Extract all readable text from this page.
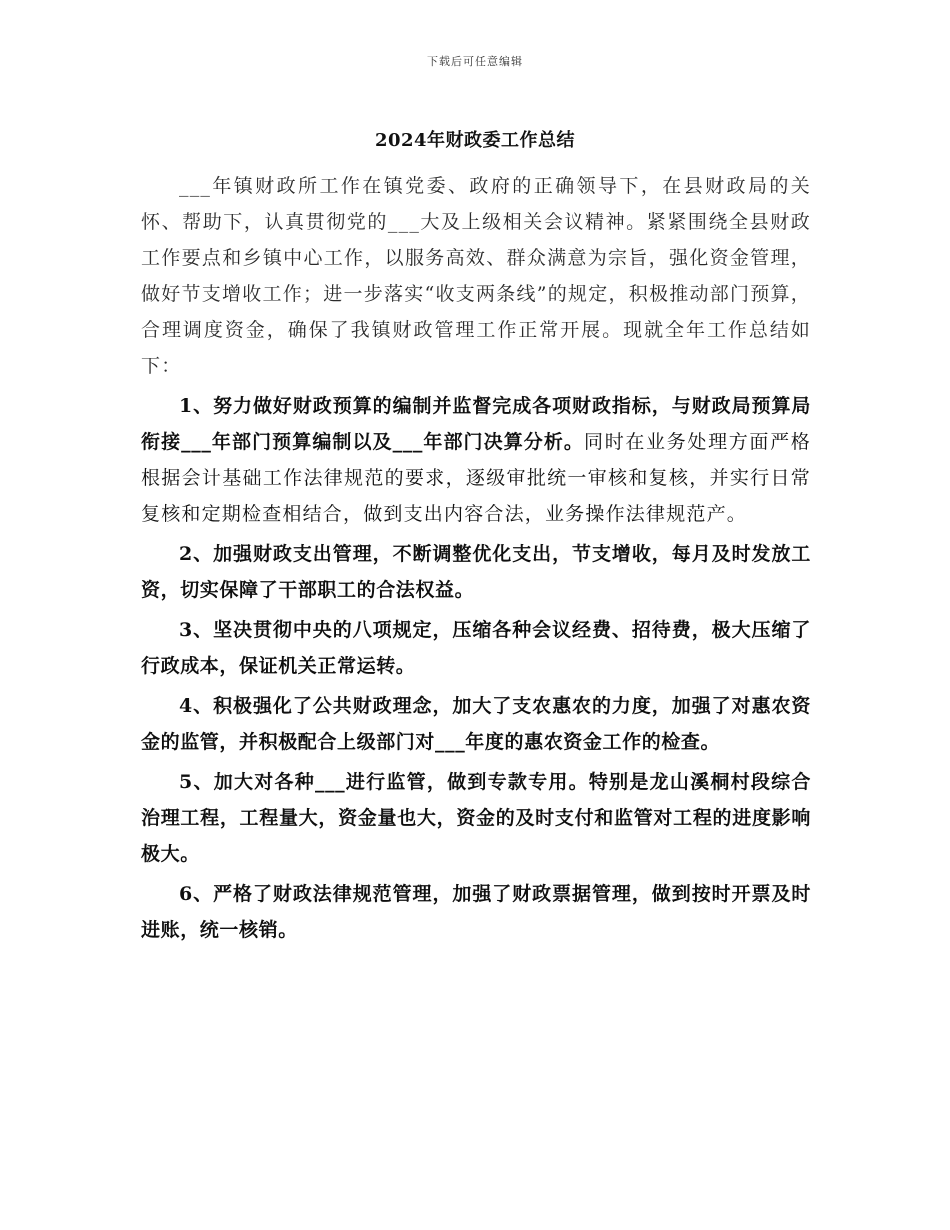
下载后可任意编辑
2024年财政委工作总结

___年镇财政所工作在镇党委、政府的正确领导下，在县财政局的关怀、帮助下，认真贯彻党的___大及上级相关会议精神。紧紧围绕全县财政工作要点和乡镇中心工作，以服务高效、群众满意为宗旨，强化资金管理，做好节支增收工作；进一步落实“收支两条线”的规定，积极推动部门预算，合理调度资金，确保了我镇财政管理工作正常开展。现就全年工作总结如下：

1、努力做好财政预算的编制并监督完成各项财政指标，与财政局预算局衔接___年部门预算编制以及___年部门决算分析。同时在业务处理方面严格根据会计基础工作法律规范的要求，逐级审批统一审核和复核，并实行日常复核和定期检查相结合，做到支出内容合法，业务操作法律规范产。

2、加强财政支出管理，不断调整优化支出，节支增收，每月及时发放工资，切实保障了干部职工的合法权益。

3、坚决贯彻中央的八项规定，压缩各种会议经费、招待费，极大压缩了行政成本，保证机关正常运转。

4、积极强化了公共财政理念，加大了支农惠农的力度，加强了对惠农资金的监管，并积极配合上级部门对___年度的惠农资金工作的检查。

5、加大对各种___进行监管，做到专款专用。特别是龙山溪桐村段综合治理工程，工程量大，资金量也大，资金的及时支付和监管对工程的进度影响极大。

6、严格了财政法律规范管理，加强了财政票据管理，做到按时开票及时进账，统一核销。
